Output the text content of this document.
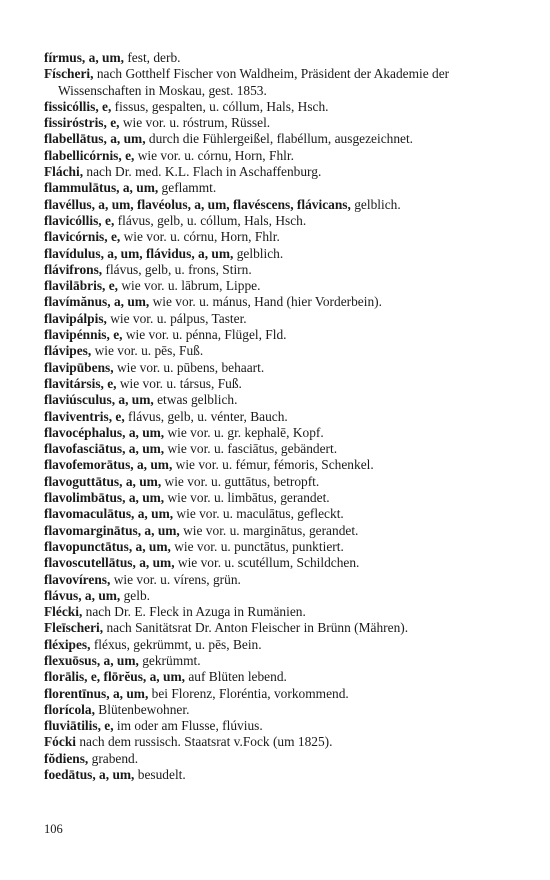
fírmus, a, um, fest, derb.
Físcheri, nach Gotthelf Fischer von Waldheim, Präsident der Akademie der Wissenschaften in Moskau, gest. 1853.
fissicóllis, e, fissus, gespalten, u. cóllum, Hals, Hsch.
fissiróstris, e, wie vor. u. róstrum, Rüssel.
flabellātus, a, um, durch die Fühlergeißel, flabéllum, ausgezeichnet.
flabellicórnis, e, wie vor. u. córnu, Horn, Fhlr.
Fláchi, nach Dr. med. K.L. Flach in Aschaffenburg.
flammulātus, a, um, geflammt.
flavéllus, a, um, flavéolus, a, um, flavéscens, flávicans, gelblich.
flavicóllis, e, flávus, gelb, u. cóllum, Hals, Hsch.
flavicórnis, e, wie vor. u. córnu, Horn, Fhlr.
flavídulus, a, um, flávidus, a, um, gelblich.
flávifrons, flávus, gelb, u. frons, Stirn.
flavilābris, e, wie vor. u. lābrum, Lippe.
flavímănus, a, um, wie vor. u. mánus, Hand (hier Vorderbein).
flavipálpis, wie vor. u. pálpus, Taster.
flavipénnis, e, wie vor. u. pénna, Flügel, Fld.
flávipes, wie vor. u. pēs, Fuß.
flavipūbens, wie vor. u. pūbens, behaart.
flavitársis, e, wie vor. u. társus, Fuß.
flaviúsculus, a, um, etwas gelblich.
flaviventris, e, flávus, gelb, u. vénter, Bauch.
flavocéphalus, a, um, wie vor. u. gr. kephalē, Kopf.
flavofasciātus, a, um, wie vor. u. fasciātus, gebändert.
flavofemorātus, a, um, wie vor. u. fémur, fémoris, Schenkel.
flavoguttātus, a, um, wie vor. u. guttātus, betropft.
flavolimbātus, a, um, wie vor. u. limbātus, gerandet.
flavomaculātus, a, um, wie vor. u. maculātus, gefleckt.
flavomarginātus, a, um, wie vor. u. marginātus, gerandet.
flavopunctātus, a, um, wie vor. u. punctātus, punktiert.
flavoscutellātus, a, um, wie vor. u. scutéllum, Schildchen.
flavovírens, wie vor. u. vírens, grün.
flávus, a, um, gelb.
Flécki, nach Dr. E. Fleck in Azuga in Rumänien.
Fleīscheri, nach Sanitätsrat Dr. Anton Fleischer in Brünn (Mähren).
fléxipes, fléxus, gekrümmt, u. pēs, Bein.
flexuōsus, a, um, gekrümmt.
florālis, e, flōrĕus, a, um, auf Blüten lebend.
florentīnus, a, um, bei Florenz, Floréntia, vorkommend.
florícola, Blütenbewohner.
fluviātilis, e, im oder am Flusse, flúvius.
Fócki nach dem russisch. Staatsrat v.Fock (um 1825).
fŏdiens, grabend.
foedātus, a, um, besudelt.
106
